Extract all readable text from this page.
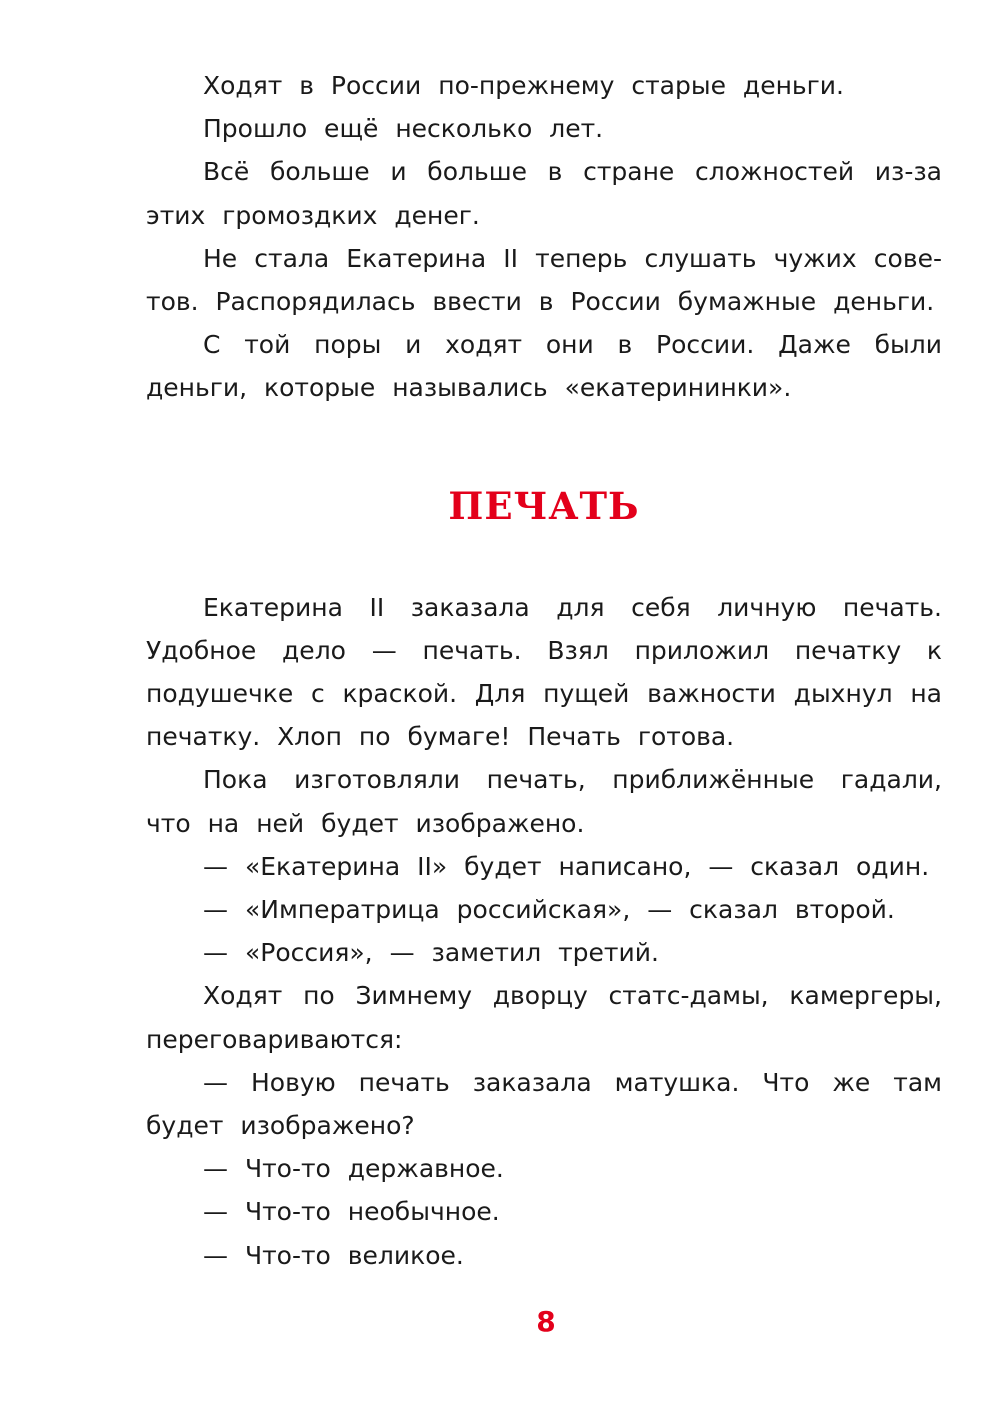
Ходят в России по-прежнему старые деньги.

Прошло ещё несколько лет.

Всё больше и больше в стране сложностей из-за этих громоздких денег.

Не стала Екатерина II теперь слушать чужих советов. Распорядилась ввести в России бумажные деньги.

С той поры и ходят они в России. Даже были деньги, которые назывались «екатерининки».

ПЕЧАТЬ

Екатерина II заказала для себя личную печать. Удобное дело — печать. Взял приложил печатку к подушечке с краской. Для пущей важности дыхнул на печатку. Хлоп по бумаге! Печать готова.

Пока изготовляли печать, приближённые гадали, что на ней будет изображено.

— «Екатерина II» будет написано, — сказал один.

— «Императрица российская», — сказал второй.

— «Россия», — заметил третий.

Ходят по Зимнему дворцу статс-дамы, камергеры, переговариваются:

— Новую печать заказала матушка. Что же там будет изображено?

— Что-то державное.

— Что-то необычное.

— Что-то великое.

8
